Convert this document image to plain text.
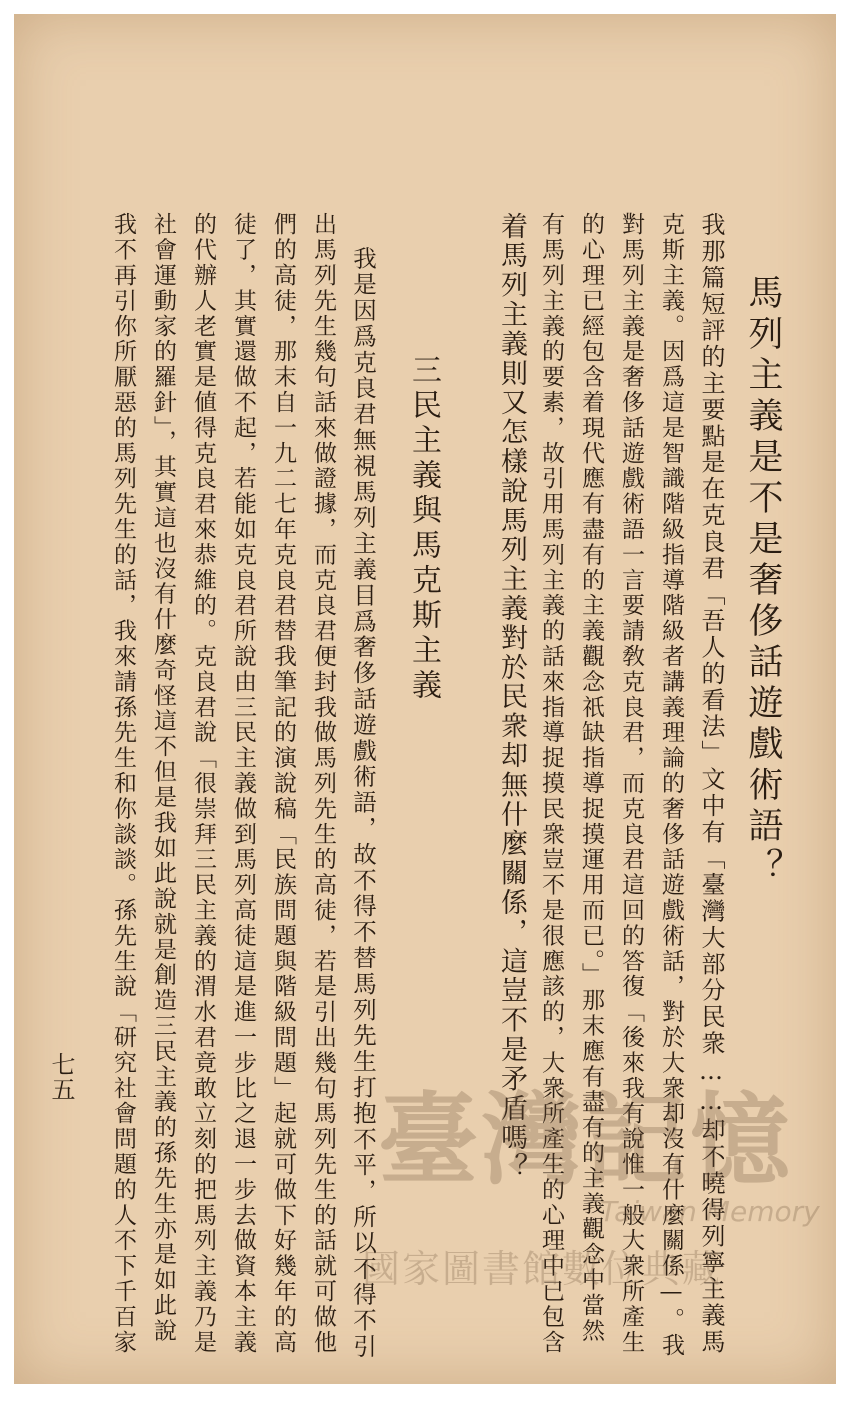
馬列主義是不是奢侈話遊戲術語？
我那篇短評的主要點是在克良君「吾人的看法」文中有「臺灣大部分民衆……却不曉得列寧主義馬
克斯主義。因爲這是智識階級指導階級者講義理論的奢侈話遊戲術話，對於大衆却沒有什麼關係—。我
對馬列主義是奢侈話遊戲術語一言要請敎克良君，而克良君這回的答復「後來我有說惟一般大衆所產生
的心理已經包含着現代應有盡有的主義觀念祇缺指導捉摸運用而已。」那末應有盡有的主義觀念中當然
有馬列主義的要素，故引用馬列主義的話來指導捉摸民衆豈不是很應該的，大衆所產生的心理中已包含
着馬列主義則又怎樣說馬列主義對於民衆却無什麼關係，這豈不是矛盾嗎？
三民主義與馬克斯主義
我是因爲克良君無視馬列主義目爲奢侈話遊戲術語，故不得不替馬列先生打抱不平，所以不得不引
出馬列先生幾句話來做證據，而克良君便封我做馬列先生的高徒，若是引出幾句馬列先生的話就可做他
們的高徒，那末自一九二七年克良君替我筆記的演說稿「民族問題與階級問題」起就可做下好幾年的高
徒了，其實還做不起，若能如克良君所說由三民主義做到馬列高徒這是進一步比之退一步去做資本主義
的代辦人老實是値得克良君來恭維的。克良君說「很崇拜三民主義的渭水君竟敢立刻的把馬列主義乃是
社會運動家的羅針」，其實這也沒有什麼奇怪這不但是我如此說就是創造三民主義的孫先生亦是如此說
我不再引你所厭惡的馬列先生的話，我來請孫先生和你談談。孫先生說「研究社會問題的人不下千百家
七五
臺灣記憶
Taiwan Memory
國家圖書館數位典藏
